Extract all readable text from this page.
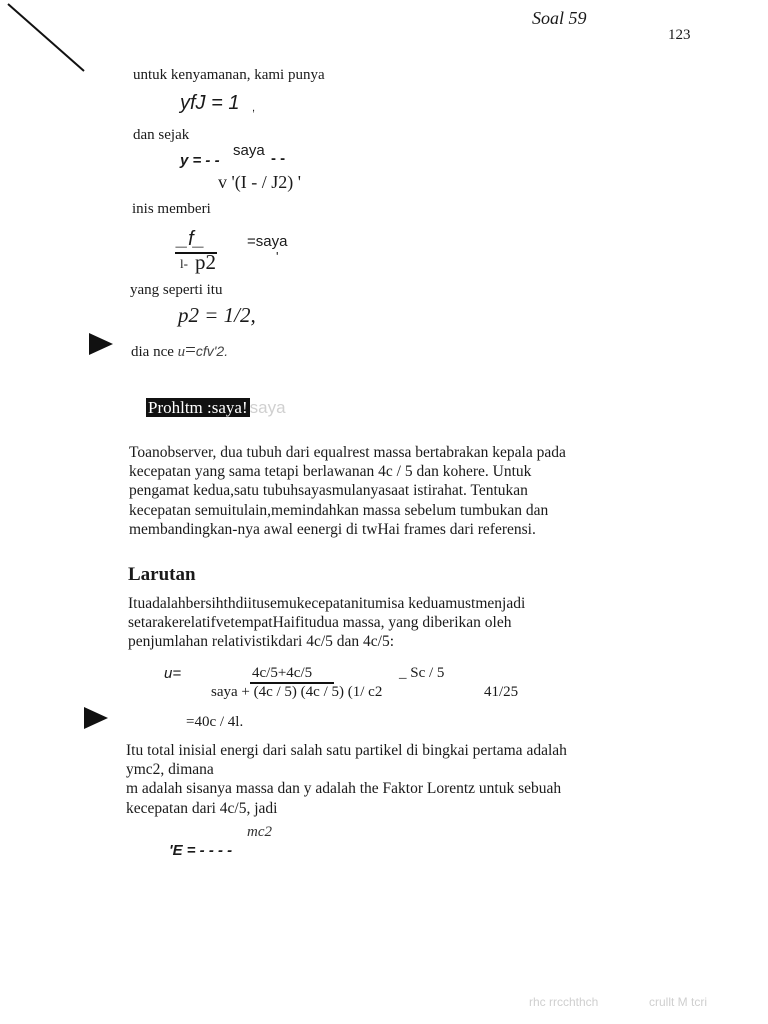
Soal 59
123
untuk kenyamanan, kami punya
yfJ = 1 ,
dan sejak
y = - -
saya - -
v '(I - / J2) '
inis memberi
_f_
l- p2
=saya
'
yang seperti itu
p2 = 1/2,
dia nce u=cfv'2.
Prohltm :saya! saya
Toanobserver, dua tubuh dari equalrest massa bertabrakan kepala pada
kecepatan yang sama tetapi berlawanan 4c / 5 dan kohere. Untuk
pengamat kedua,satu tubuhsayasmulanyasaat istirahat. Tentukan
kecepatan semuitulain,memindahkan massa sebelum tumbukan dan
membandingkan-nya awal eenergi di twHai frames dari referensi.
Larutan
Ituadalahbersihthdiitusemukecepatanitumisa keduamustmenjadi
setarakerelatifvetempatHaifitudua massa, yang diberikan oleh
penjumlahan relativistikdari 4c/5 dan 4c/5:
u=	4c/5+4c/5	_ Sc / 5
saya + (4c / 5) (4c / 5) (1/ c2	41/25
=40c / 4l.
Itu total inisial energi dari salah satu partikel di bingkai pertama adalah
ymc2, dimana
m adalah sisanya massa dan y adalah the Faktor Lorentz untuk sebuah
kecepatan dari 4c/5, jadi
mc2
'E = - - - -
rhc rrcchthch	crullt M tcri
